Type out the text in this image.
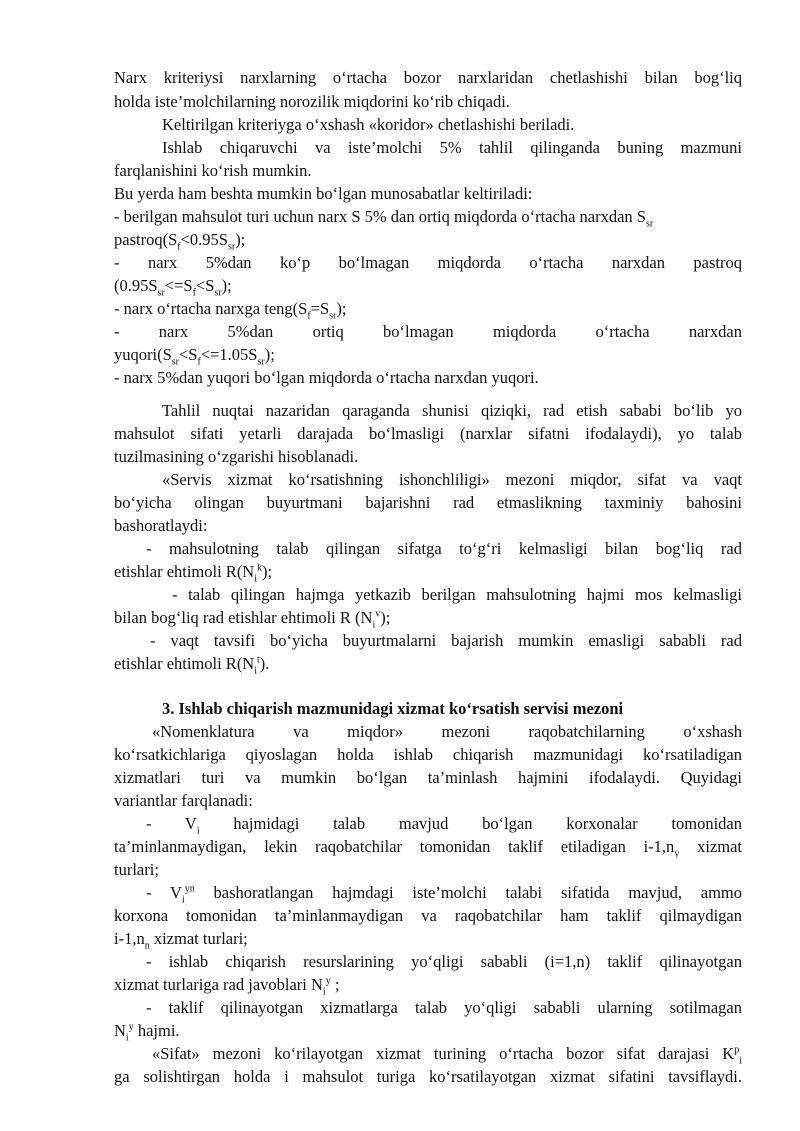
Narx kriteriysi narxlarning o‘rtacha bozor narxlaridan chetlashishi bilan bog‘liq
holda iste’molchilarning norozilik miqdorini ko‘rib chiqadi.
Keltirilgan kriteriyga o‘xshash «koridor» chetlashishi beriladi.
Ishlab chiqaruvchi va iste’molchi 5% tahlil qilinganda buning mazmuni
farqlanishini ko‘rish mumkin.
Bu yerda ham beshta mumkin bo‘lgan munosabatlar keltiriladi:
- berilgan mahsulot turi uchun narx S 5% dan ortiq miqdorda o‘rtacha narxdan $S_{sr}$
$pastroq(S_f<0.95S_{sr})$;
- narx 5%dan ko‘p bo‘lmagan miqdorda o‘rtacha narxdan pastroq
$(0.95S_{sr}<=S_f<S_{sr})$;
- narx o‘rtacha narxga $teng(S_f=S_{sr})$;
- narx 5%dan ortiq bo‘lmagan miqdorda o‘rtacha narxdan
$yuqori(S_{sr}<S_f<=1.05S_{sr})$;
- narx 5%dan yuqori bo‘lgan miqdorda o‘rtacha narxdan yuqori.
Tahlil nuqtai nazaridan qaraganda shunisi qiziqki, rad etish sababi bo‘lib yo
mahsulot sifati yetarli darajada bo‘lmasligi (narxlar sifatni ifodalaydi), yo talab
tuzilmasining o‘zgarishi hisoblanadi.
«Servis xizmat ko‘rsatishning ishonchliligi» mezoni miqdor, sifat va vaqt
bo‘yicha olingan buyurtmani bajarishni rad etmaslikning taxminiy bahosini
bashoratlaydi:
- mahsulotning talab qilingan sifatga to‘g‘ri kelmasligi bilan bog‘liq rad
etishlar ehtimoli $R(N_i^k)$;
- talab qilingan hajmga yetkazib berilgan mahsulotning hajmi mos kelmasligi
bilan bog‘liq rad etishlar ehtimoli R $(N_i^v)$;
- vaqt tavsifi bo‘yicha buyurtmalarni bajarish mumkin emasligi sababli rad
etishlar ehtimoli $R(N_i^t)$.
3. Ishlab chiqarish mazmunidagi xizmat ko‘rsatish servisi mezoni
«Nomenklatura va miqdor» mezoni raqobatchilarning o‘xshash
ko‘rsatkichlariga qiyoslagan holda ishlab chiqarish mazmunidagi ko‘rsatiladigan
xizmatlari turi va mumkin bo‘lgan ta’minlash hajmini ifodalaydi. Quyidagi
variantlar farqlanadi:
- $V_i$ hajmidagi talab mavjud bo‘lgan korxonalar tomonidan
ta’minlanmaydigan, lekin raqobatchilar tomonidan taklif etiladigan $i-1,n_y$ xizmat
turlari;
- $V_i^{yn}$ bashoratlangan hajmdagi iste’molchi talabi sifatida mavjud, ammo
korxona tomonidan ta’minlanmaydigan va raqobatchilar ham taklif qilmaydigan
$i-1,n_n$ xizmat turlari;
- ishlab chiqarish resurslarining yo‘qligi sababli (i=1,n) taklif qilinayotgan
xizmat turlariga rad javoblari $N_i^y$ ;
- taklif qilinayotgan xizmatlarga talab yo‘qligi sababli ularning sotilmagan
$N_i^y$ hajmi.
«Sifat» mezoni ko‘rilayotgan xizmat turining o‘rtacha bozor sifat darajasi $K^p_i$
ga solishtirgan holda i mahsulot turiga ko‘rsatilayotgan xizmat sifatini tavsiflaydi.
